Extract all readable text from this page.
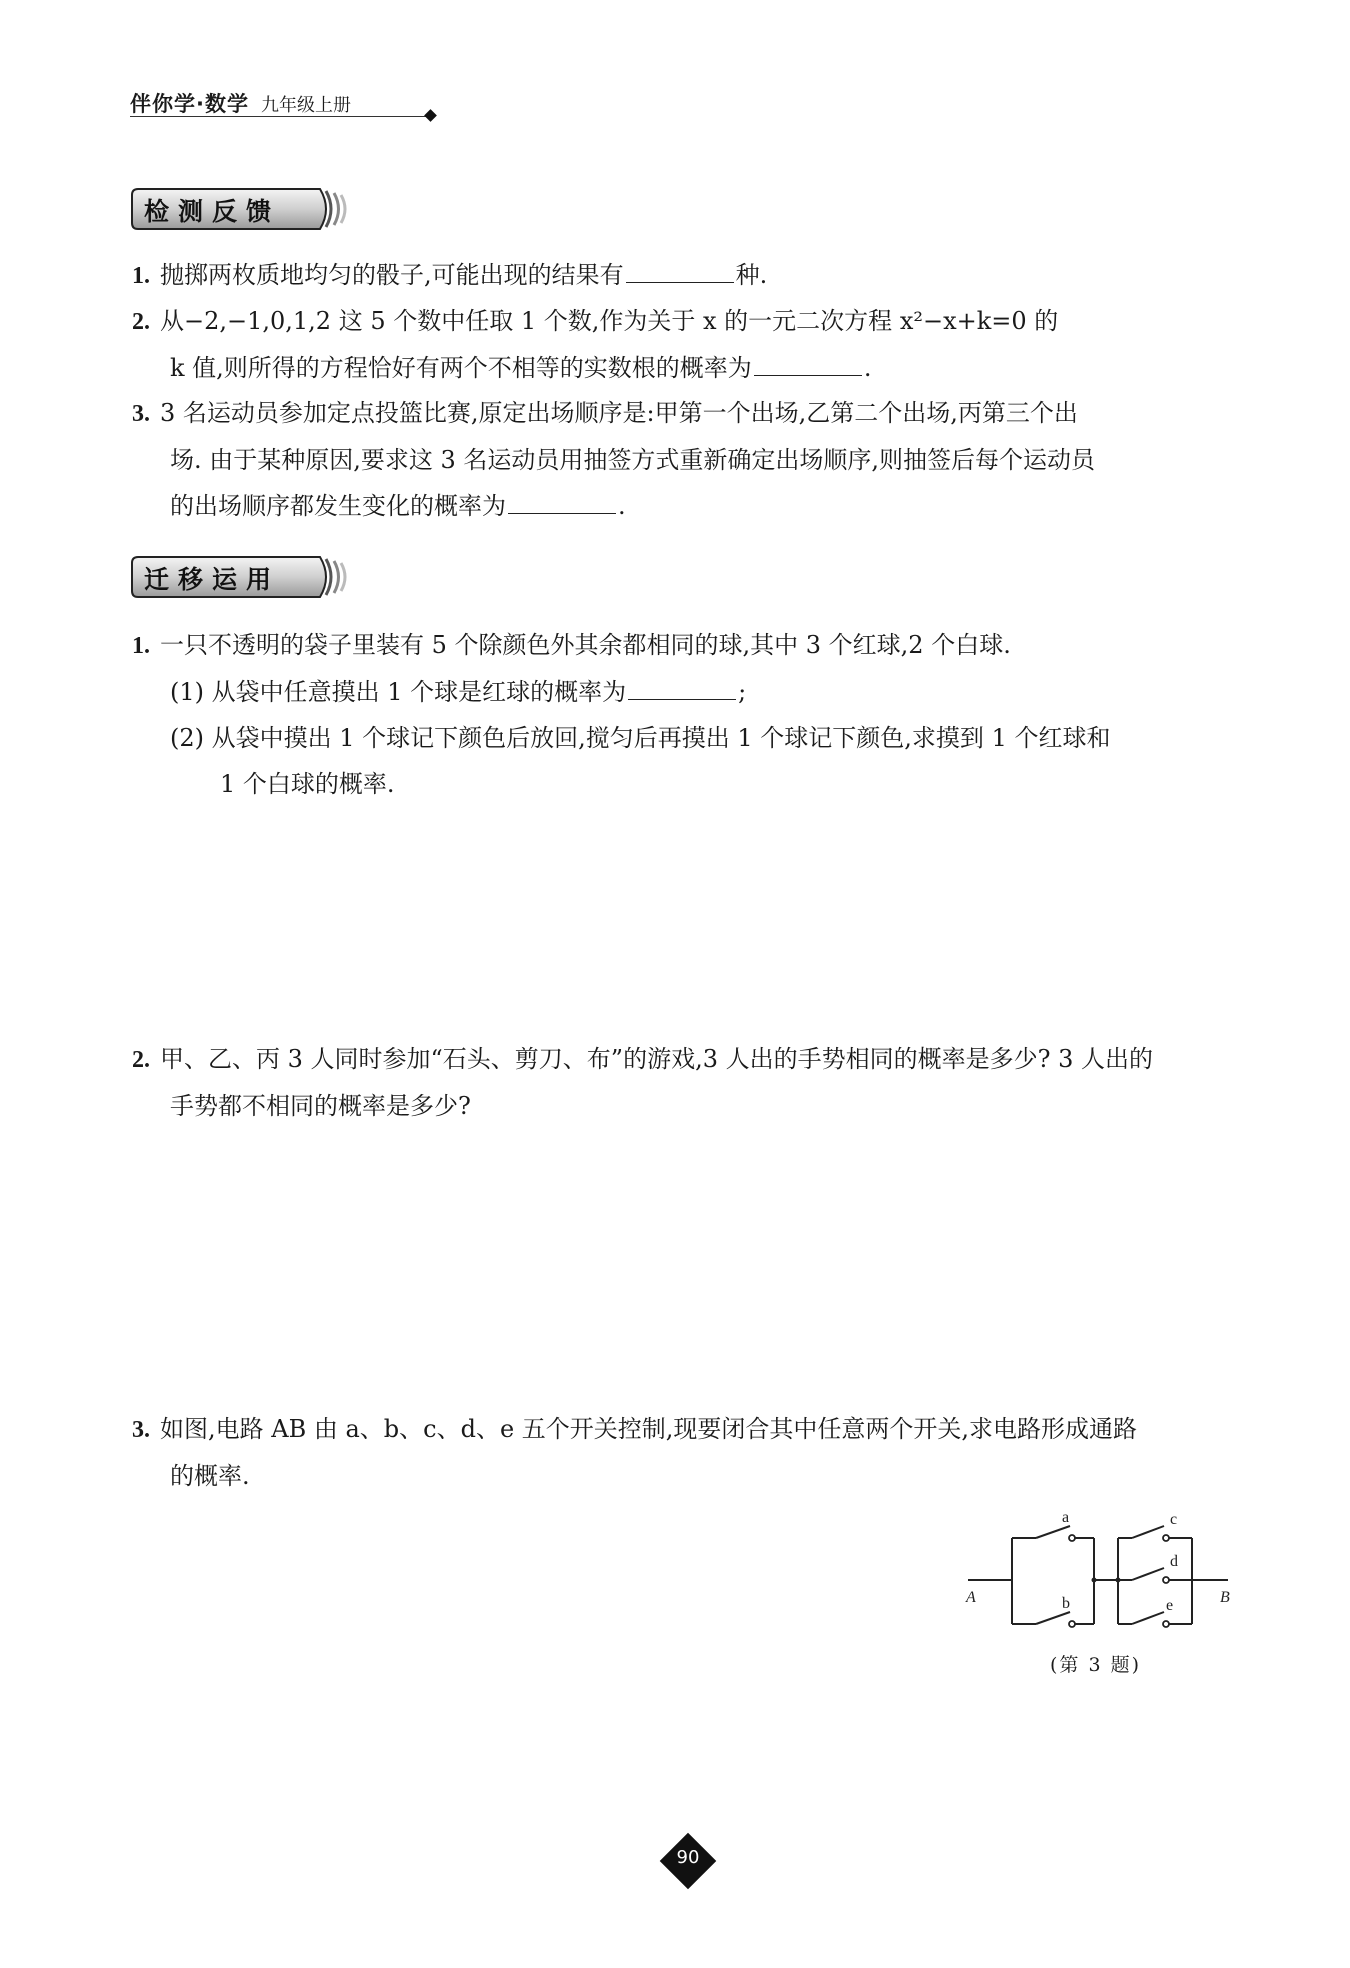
伴你学·数学 九年级上册
检测反馈
1. 抛掷两枚质地均匀的骰子,可能出现的结果有	种.
2. 从−2,−1,0,1,2 这 5 个数中任取 1 个数,作为关于 x 的一元二次方程 x²−x+k=0 的
k 值,则所得的方程恰好有两个不相等的实数根的概率为	.
3. 3 名运动员参加定点投篮比赛,原定出场顺序是:甲第一个出场,乙第二个出场,丙第三个出
场. 由于某种原因,要求这 3 名运动员用抽签方式重新确定出场顺序,则抽签后每个运动员
的出场顺序都发生变化的概率为	.
迁移运用
1. 一只不透明的袋子里装有 5 个除颜色外其余都相同的球,其中 3 个红球,2 个白球.
(1) 从袋中任意摸出 1 个球是红球的概率为	;
(2) 从袋中摸出 1 个球记下颜色后放回,搅匀后再摸出 1 个球记下颜色,求摸到 1 个红球和
1 个白球的概率.
2. 甲、乙、丙 3 人同时参加“石头、剪刀、布”的游戏,3 人出的手势相同的概率是多少? 3 人出的
手势都不相同的概率是多少?
3. 如图,电路 AB 由 a、b、c、d、e 五个开关控制,现要闭合其中任意两个开关,求电路形成通路
的概率.
A	B
a
b
c
d
e
(第 3 题)
90
